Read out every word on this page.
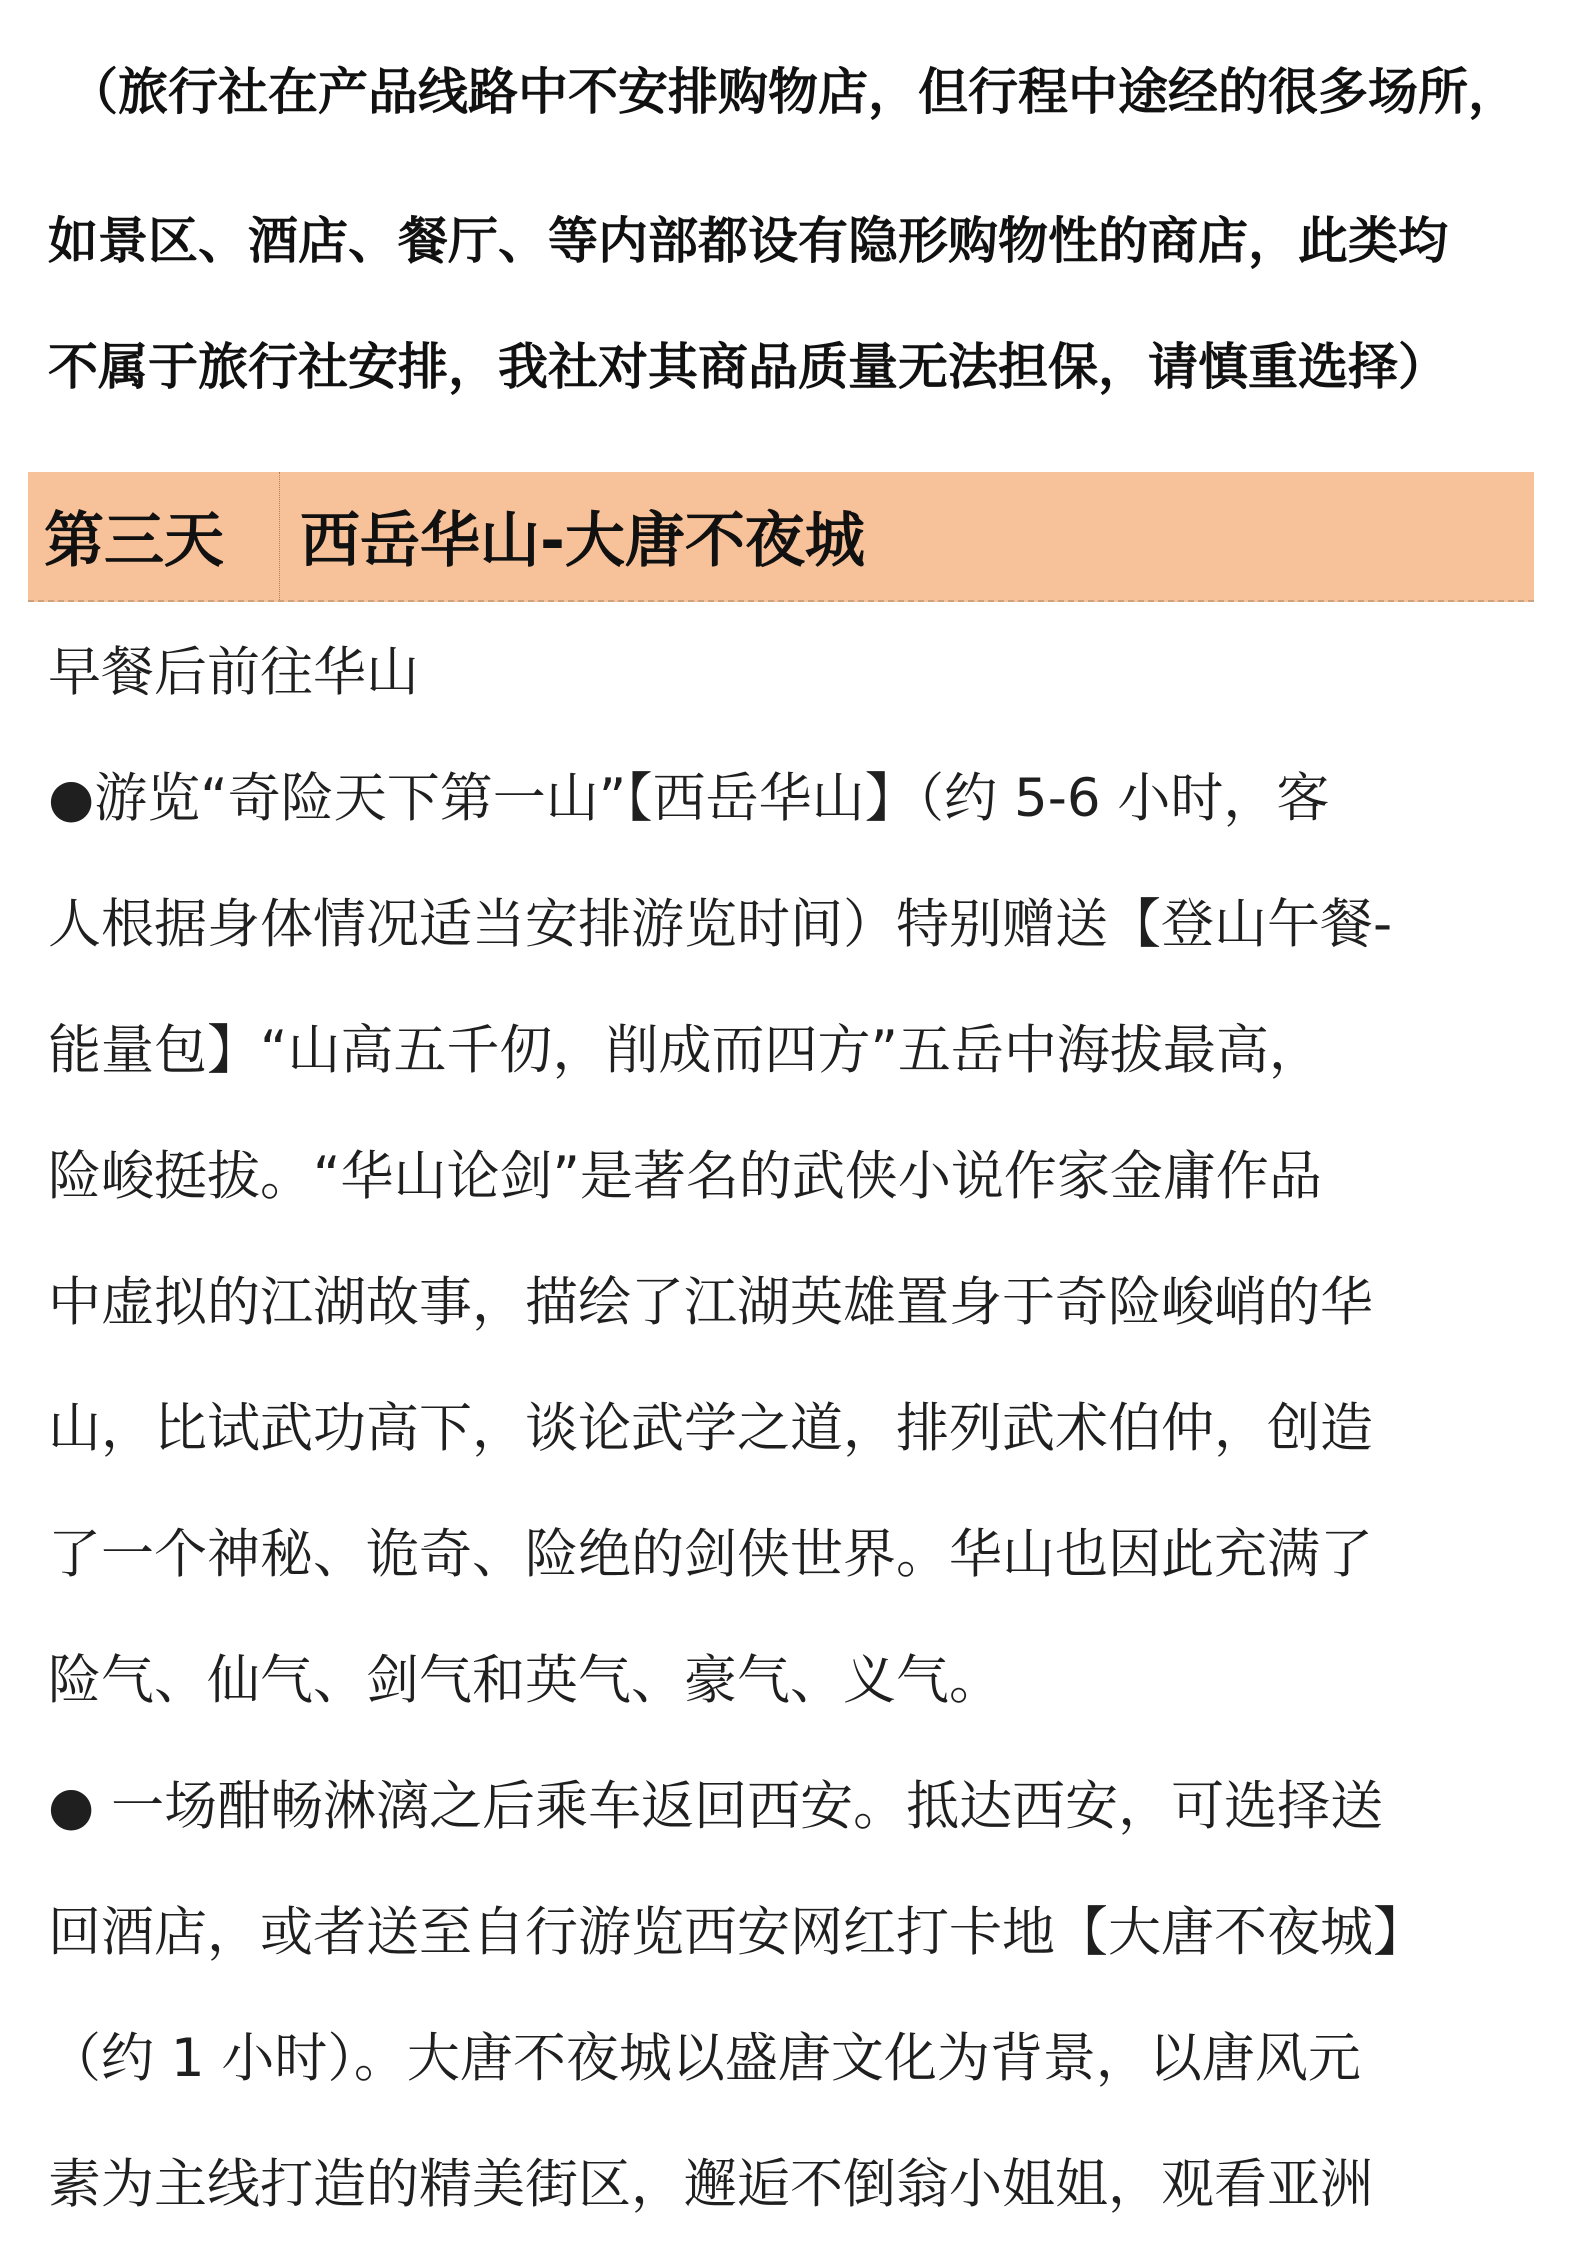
（旅行社在产品线路中不安排购物店，但行程中途经的很多场所，
如景区、酒店、餐厅、等内部都设有隐形购物性的商店，此类均
不属于旅行社安排，我社对其商品质量无法担保，请慎重选择）
第三天	西岳华山-大唐不夜城
早餐后前往华山
●游览“奇险天下第一山”【西岳华山】（约 5-6 小时，客
人根据身体情况适当安排游览时间）特别赠送【登山午餐-
能量包】“山高五千仞，削成而四方”五岳中海拔最高，
险峻挺拔。“华山论剑”是著名的武侠小说作家金庸作品
中虚拟的江湖故事，描绘了江湖英雄置身于奇险峻峭的华
山，比试武功高下，谈论武学之道，排列武术伯仲，创造
了一个神秘、诡奇、险绝的剑侠世界。华山也因此充满了
险气、仙气、剑气和英气、豪气、义气。
● 一场酣畅淋漓之后乘车返回西安。抵达西安，可选择送
回酒店，或者送至自行游览西安网红打卡地【大唐不夜城】
（约 1 小时）。大唐不夜城以盛唐文化为背景，以唐风元
素为主线打造的精美街区，邂逅不倒翁小姐姐，观看亚洲
